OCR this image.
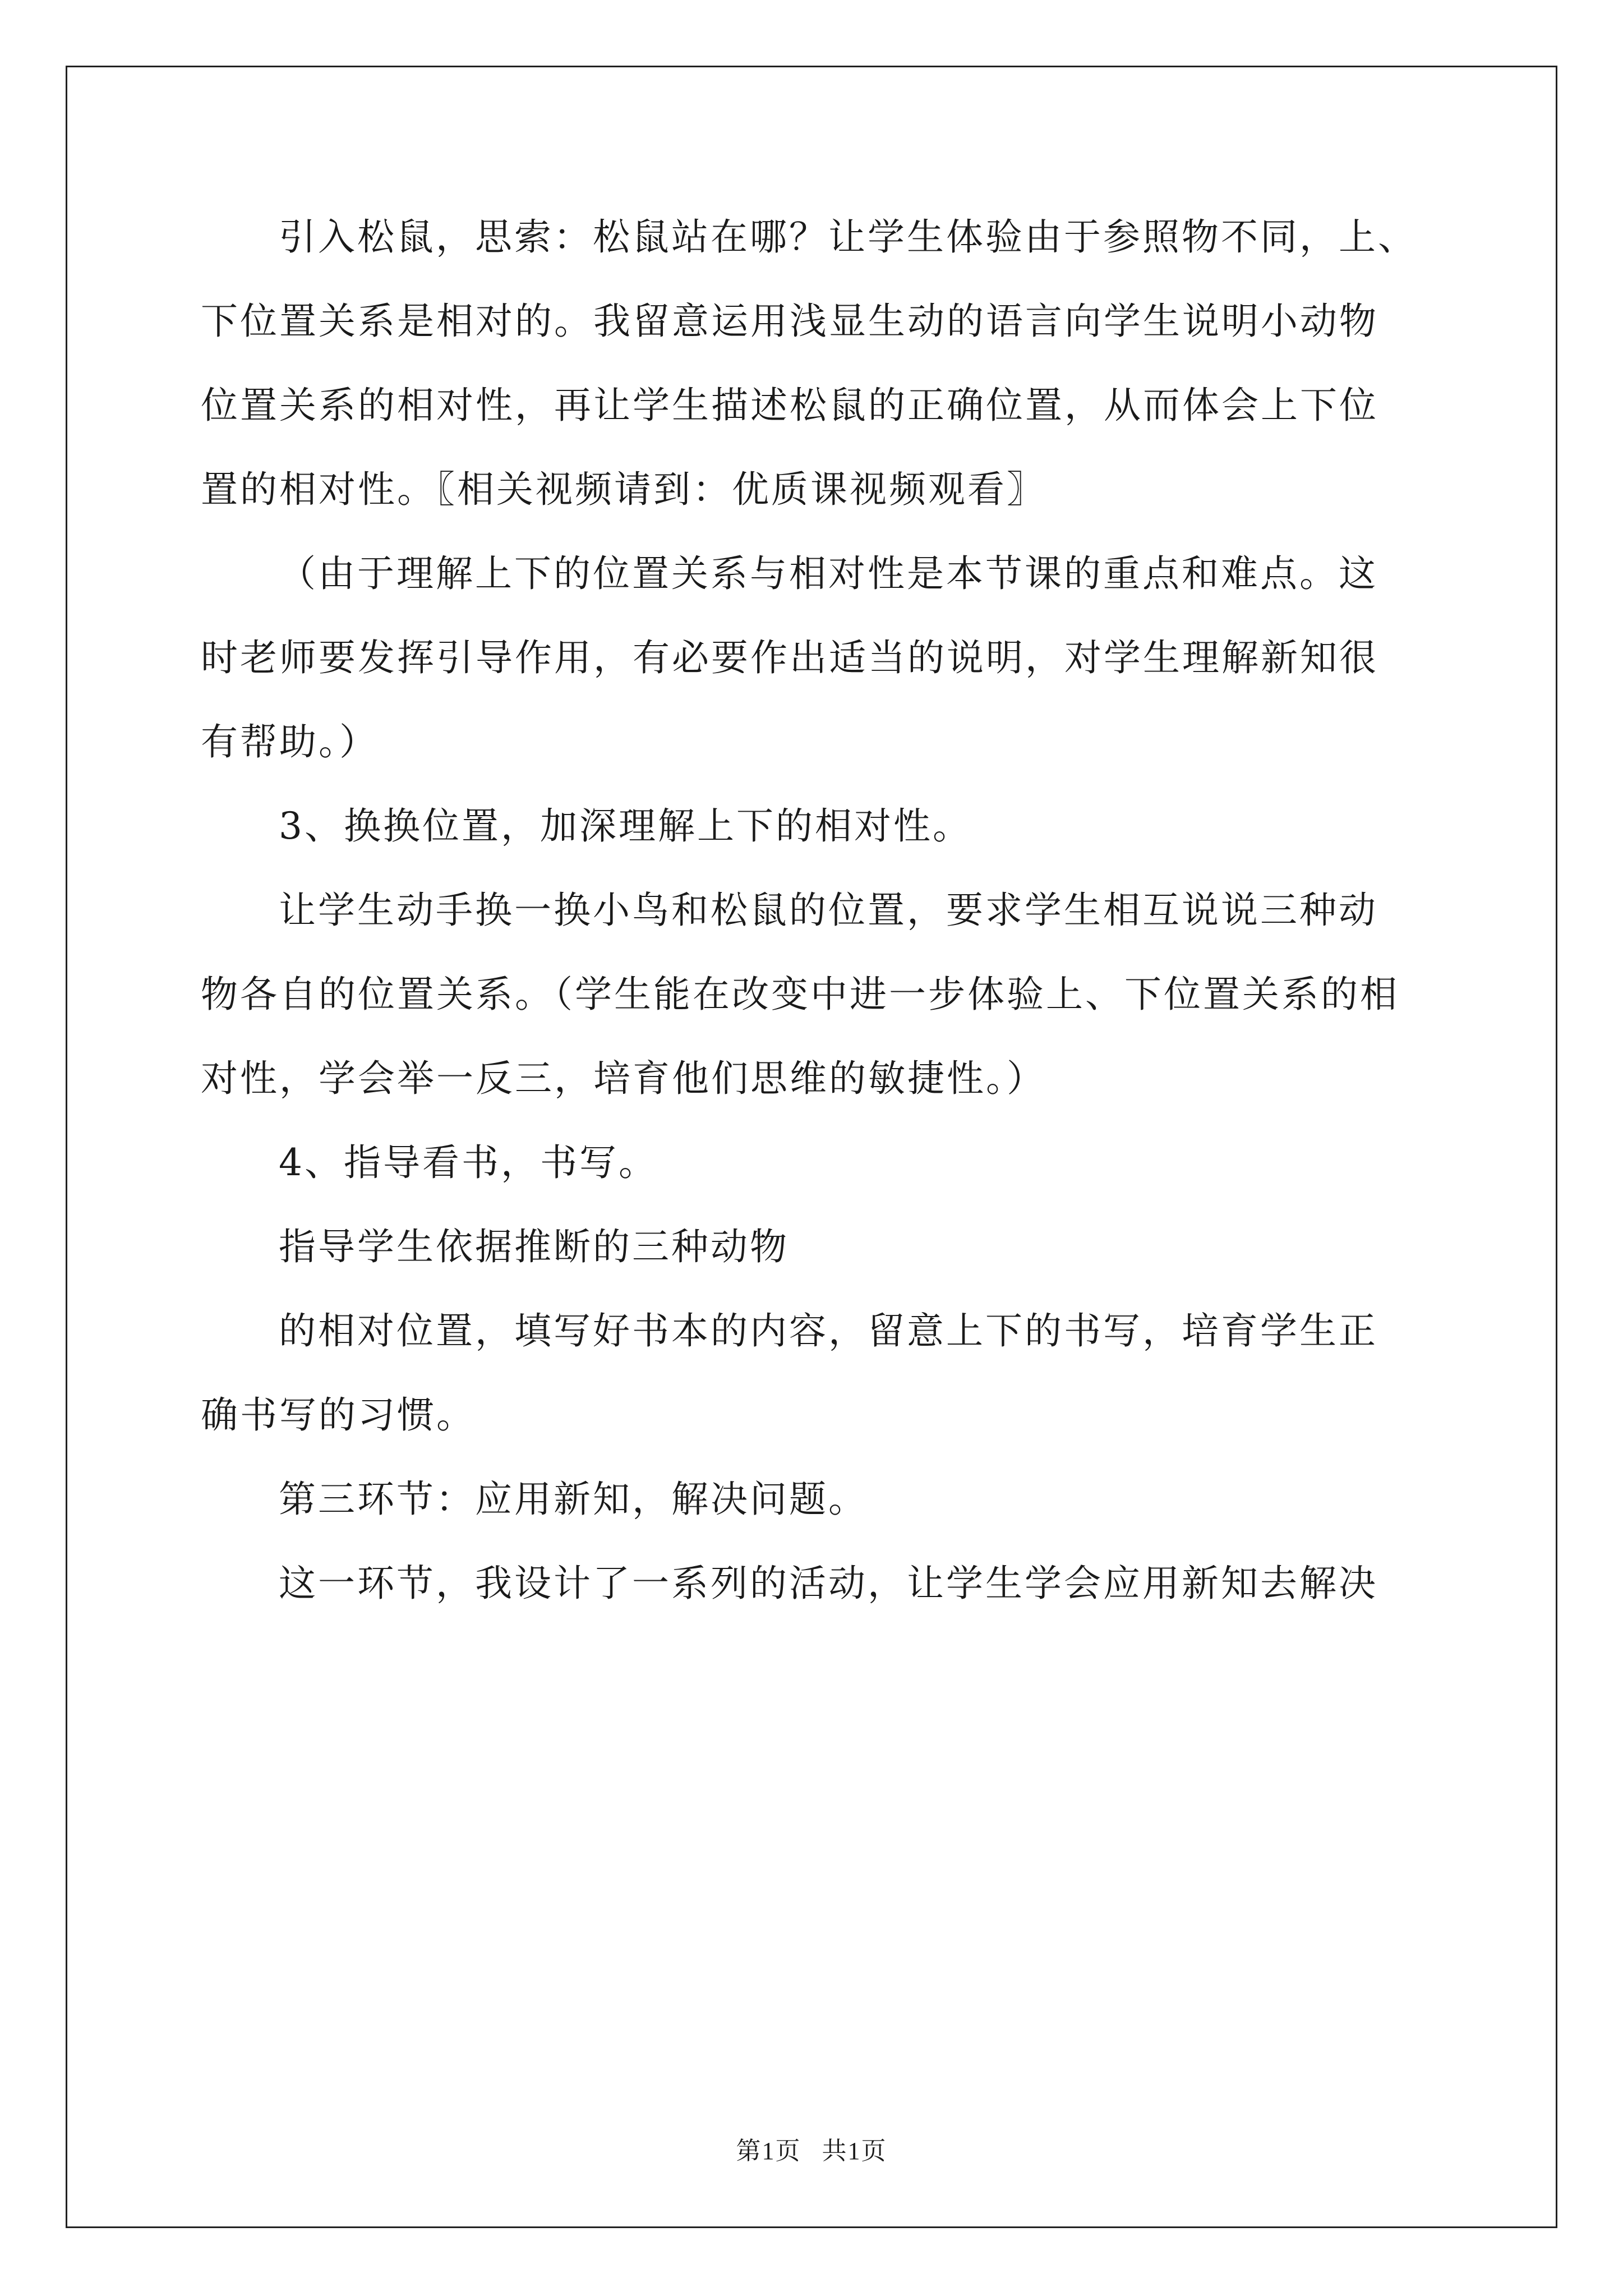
引入松鼠，思索：松鼠站在哪？让学生体验由于参照物不同，上、
下位置关系是相对的。我留意运用浅显生动的语言向学生说明小动物
位置关系的相对性，再让学生描述松鼠的正确位置，从而体会上下位
置的相对性。〖相关视频请到：优质课视频观看〗
（由于理解上下的位置关系与相对性是本节课的重点和难点。这
时老师要发挥引导作用，有必要作出适当的说明，对学生理解新知很
有帮助。）
3、换换位置，加深理解上下的相对性。
让学生动手换一换小鸟和松鼠的位置，要求学生相互说说三种动
物各自的位置关系。（学生能在改变中进一步体验上、下位置关系的相
对性，学会举一反三，培育他们思维的敏捷性。）
4、指导看书，书写。
指导学生依据推断的三种动物
的相对位置，填写好书本的内容，留意上下的书写，培育学生正
确书写的习惯。
第三环节：应用新知，解决问题。
这一环节，我设计了一系列的活动，让学生学会应用新知去解决
第1页 共1页
